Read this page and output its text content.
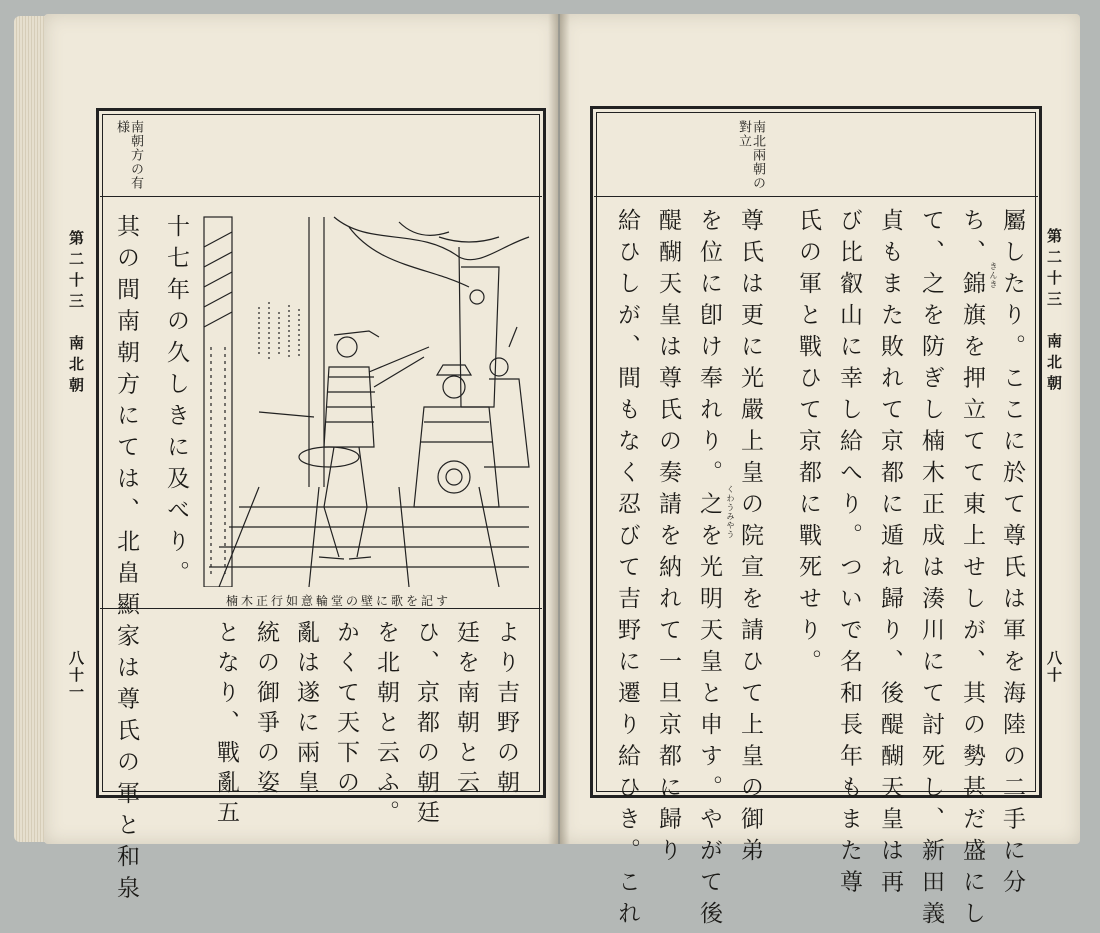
様 南朝方の有
第二十三　南北朝
八十一
十七年の久しきに及べり。
其の間南朝方にては、北畠顯家は尊氏の軍と和泉	楠木正行如意輪堂の壁に歌を記す
より吉野の朝
廷を南朝と云
ひ、京都の朝廷
を北朝と云ふ。
かくて天下の
亂は遂に兩皇
統の御爭の姿
となり、戰亂五
對立 南北兩朝の
第二十三　南北朝
八十
屬したり。ここに於て尊氏は軍を海陸の二手に分
ち、錦旗を押立てて東上せしが、其の勢甚だ盛にし
て、之を防ぎし楠木正成は湊川にて討死し、新田義
貞もまた敗れて京都に遁れ歸り、後醍醐天皇は再
び比叡山に幸し給へり。ついで名和長年もまた尊
氏の軍と戰ひて京都に戰死せり。
尊氏は更に光嚴上皇の院宣を請ひて上皇の御弟
を位に卽け奉れり。之を光明天皇と申す。やがて後
醍醐天皇は尊氏の奏請を納れて一旦京都に歸り
給ひしが、間もなく忍びて吉野に遷り給ひき。これ	きんき
くわうみやう
